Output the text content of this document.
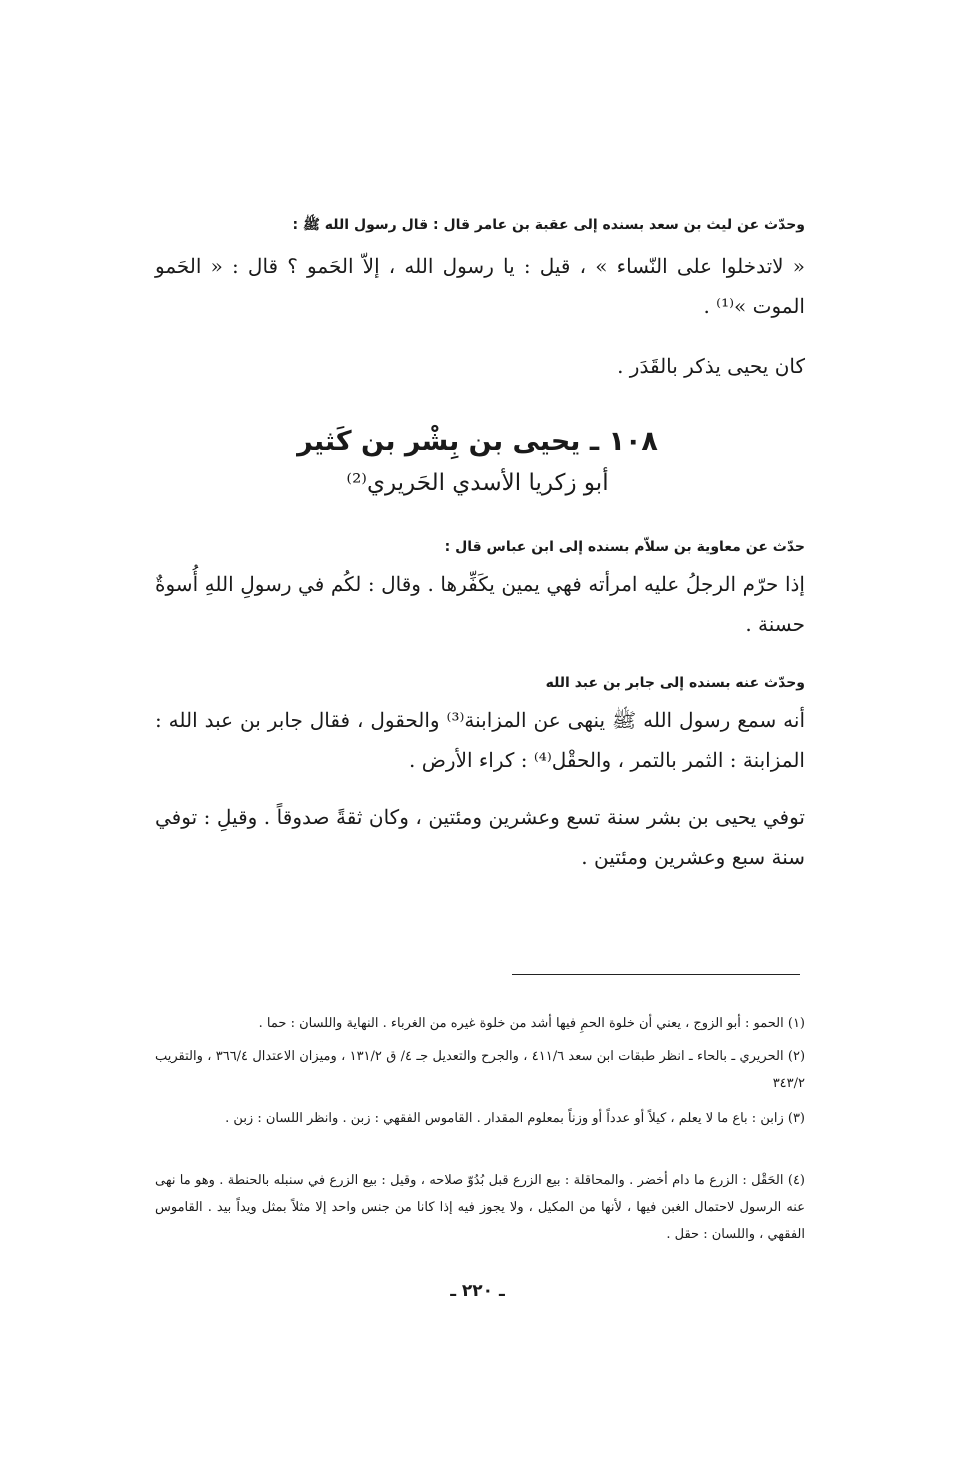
وحدّث عن ليث بن سعد بسنده إلى عقبة بن عامر قال : قال رسول الله ﷺ :
« لاتدخلوا على النّساء » ، قيل : يا رسول الله ، إلاّ الحَمو ؟ قال : « الحَمو الموت »⁽¹⁾ .
كان يحيى يذكر بالقَدَر .
١٠٨ ـ يحيى بن بِشْر بن كَثير
أبو زكريا الأسدي الحَريري⁽²⁾
حدّث عن معاوية بن سلاّم بسنده إلى ابن عباس قال :
إذا حرّم الرجلُ عليه امرأته فهي يمين يكَفِّرها . وقال : لكُم في رسولِ اللهِ أُسوةٌ حسنة .
وحدّث عنه بسنده إلى جابر بن عبد الله
أنه سمع رسول الله ﷺ ينهى عن المزابنة⁽³⁾ والحقول ، فقال جابر بن عبد الله : المزابنة : الثمر بالتمر ، والحقْل⁽⁴⁾ : كراء الأرض .
توفي يحيى بن بشر سنة تسع وعشرين ومئتين ، وكان ثقةً صدوقاً . وقيلِ : توفي سنة سبع وعشرين ومئتين .
(١) الحمو : أبو الزوج ، يعني أن خلوة الحمِ فيها أشد من خلوة غيره من الغرباء . النهاية واللسان : حما .
(٢) الحريري ـ بالحاء ـ انظر طبقات ابن سعد ٤١١/٦ ، والجرح والتعديل جـ ٤/ ق ١٣١/٢ ، وميزان الاعتدال ٣٦٦/٤ ، والتقريب ٣٤٣/٢
(٣) زابن : باع ما لا يعلم ، كيلاً أو عدداً أو وزناً بمعلوم المقدار . القاموس الفقهي : زبن . وانظر اللسان : زبن .
(٤) الحَقْل : الزرع ما دام أخضر . والمحاقلة : بيع الزرع قبل بُدُوّ صلاحه ، وقيل : بيع الزرع في سنبله بالحنطة . وهو ما نهى عنه الرسول لاحتمال الغبن فيها ، لأنها من المكيل ، ولا يجوز فيه إذا كانا من جنس واحد إلا مثلاً بمثل ويداً بيد . القاموس الفقهي ، واللسان : حقل .
ـ ٢٢٠ ـ
